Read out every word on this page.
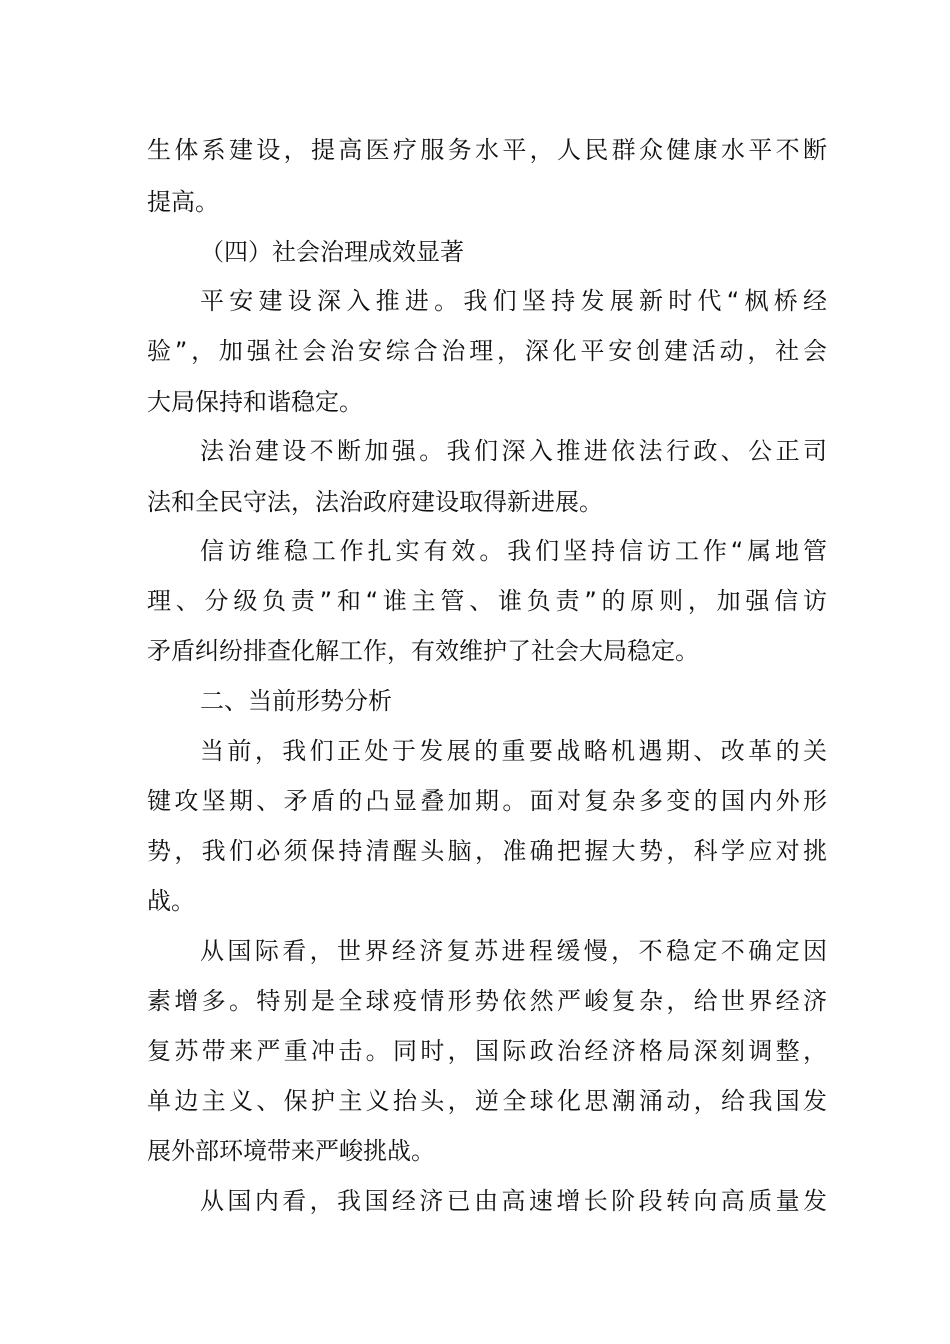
生体系建设，提高医疗服务水平，人民群众健康水平不断
提高。
（四）社会治理成效显著
平安建设深入推进。我们坚持发展新时代“枫桥经
验”，加强社会治安综合治理，深化平安创建活动，社会
大局保持和谐稳定。
法治建设不断加强。我们深入推进依法行政、公正司
法和全民守法，法治政府建设取得新进展。
信访维稳工作扎实有效。我们坚持信访工作“属地管
理、分级负责”和“谁主管、谁负责”的原则，加强信访
矛盾纠纷排查化解工作，有效维护了社会大局稳定。
二、当前形势分析
当前，我们正处于发展的重要战略机遇期、改革的关
键攻坚期、矛盾的凸显叠加期。面对复杂多变的国内外形
势，我们必须保持清醒头脑，准确把握大势，科学应对挑
战。
从国际看，世界经济复苏进程缓慢，不稳定不确定因
素增多。特别是全球疫情形势依然严峻复杂，给世界经济
复苏带来严重冲击。同时，国际政治经济格局深刻调整，
单边主义、保护主义抬头，逆全球化思潮涌动，给我国发
展外部环境带来严峻挑战。
从国内看，我国经济已由高速增长阶段转向高质量发
